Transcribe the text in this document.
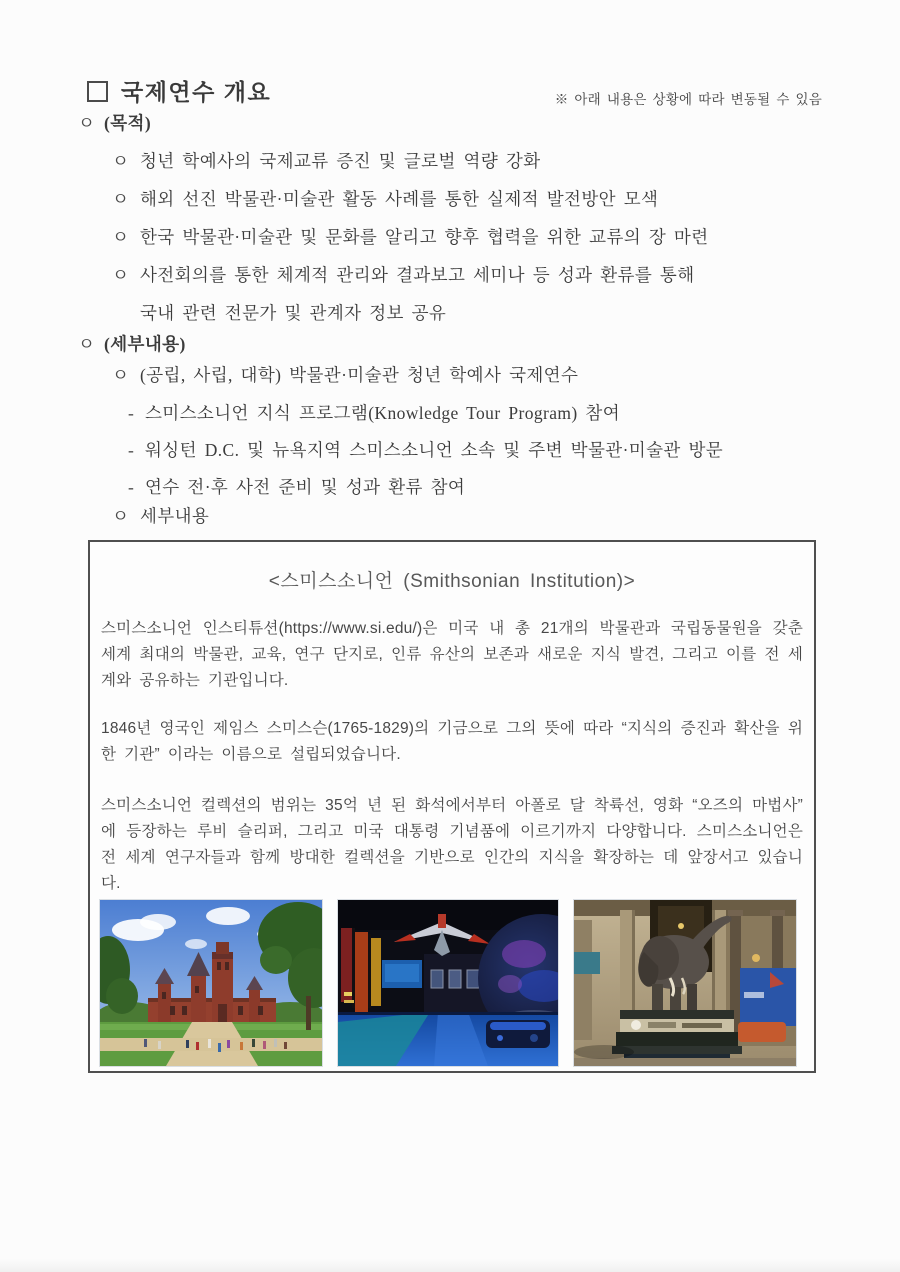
국제연수 개요	※ 아래 내용은 상황에 따라 변동될 수 있음
ㅇ (목적)
ㅇ 청년 학예사의 국제교류 증진 및 글로벌 역량 강화
ㅇ 해외 선진 박물관·미술관 활동 사례를 통한 실제적 발전방안 모색
ㅇ 한국 박물관·미술관 및 문화를 알리고 향후 협력을 위한 교류의 장 마련
ㅇ 사전회의를 통한 체계적 관리와 결과보고 세미나 등 성과 환류를 통해
국내 관련 전문가 및 관계자 정보 공유
ㅇ (세부내용)
ㅇ (공립, 사립, 대학) 박물관·미술관 청년 학예사 국제연수
- 스미스소니언 지식 프로그램(Knowledge Tour Program) 참여
- 워싱턴 D.C. 및 뉴욕지역 스미스소니언 소속 및 주변 박물관·미술관 방문
- 연수 전·후 사전 준비 및 성과 환류 참여
ㅇ 세부내용
<스미스소니언 (Smithsonian Institution)>

스미스소니언 인스티튜션(https://www.si.edu/)은 미국 내 총 21개의 박물관과 국립동물원을 갖춘 세계 최대의 박물관, 교육, 연구 단지로, 인류 유산의 보존과 새로운 지식 발견, 그리고 이를 전 세계와 공유하는 기관입니다.

1846년 영국인 제임스 스미스슨(1765-1829)의 기금으로 그의 뜻에 따라 “지식의 증진과 확산을 위한 기관” 이라는 이름으로 설립되었습니다.

스미스소니언 컬렉션의 범위는 35억 년 된 화석에서부터 아폴로 달 착륙선, 영화 “오즈의 마법사” 에 등장하는 루비 슬리퍼, 그리고 미국 대통령 기념품에 이르기까지 다양합니다. 스미스소니언은 전 세계 연구자들과 함께 방대한 컬렉션을 기반으로 인간의 지식을 확장하는 데 앞장서고 있습니다.
